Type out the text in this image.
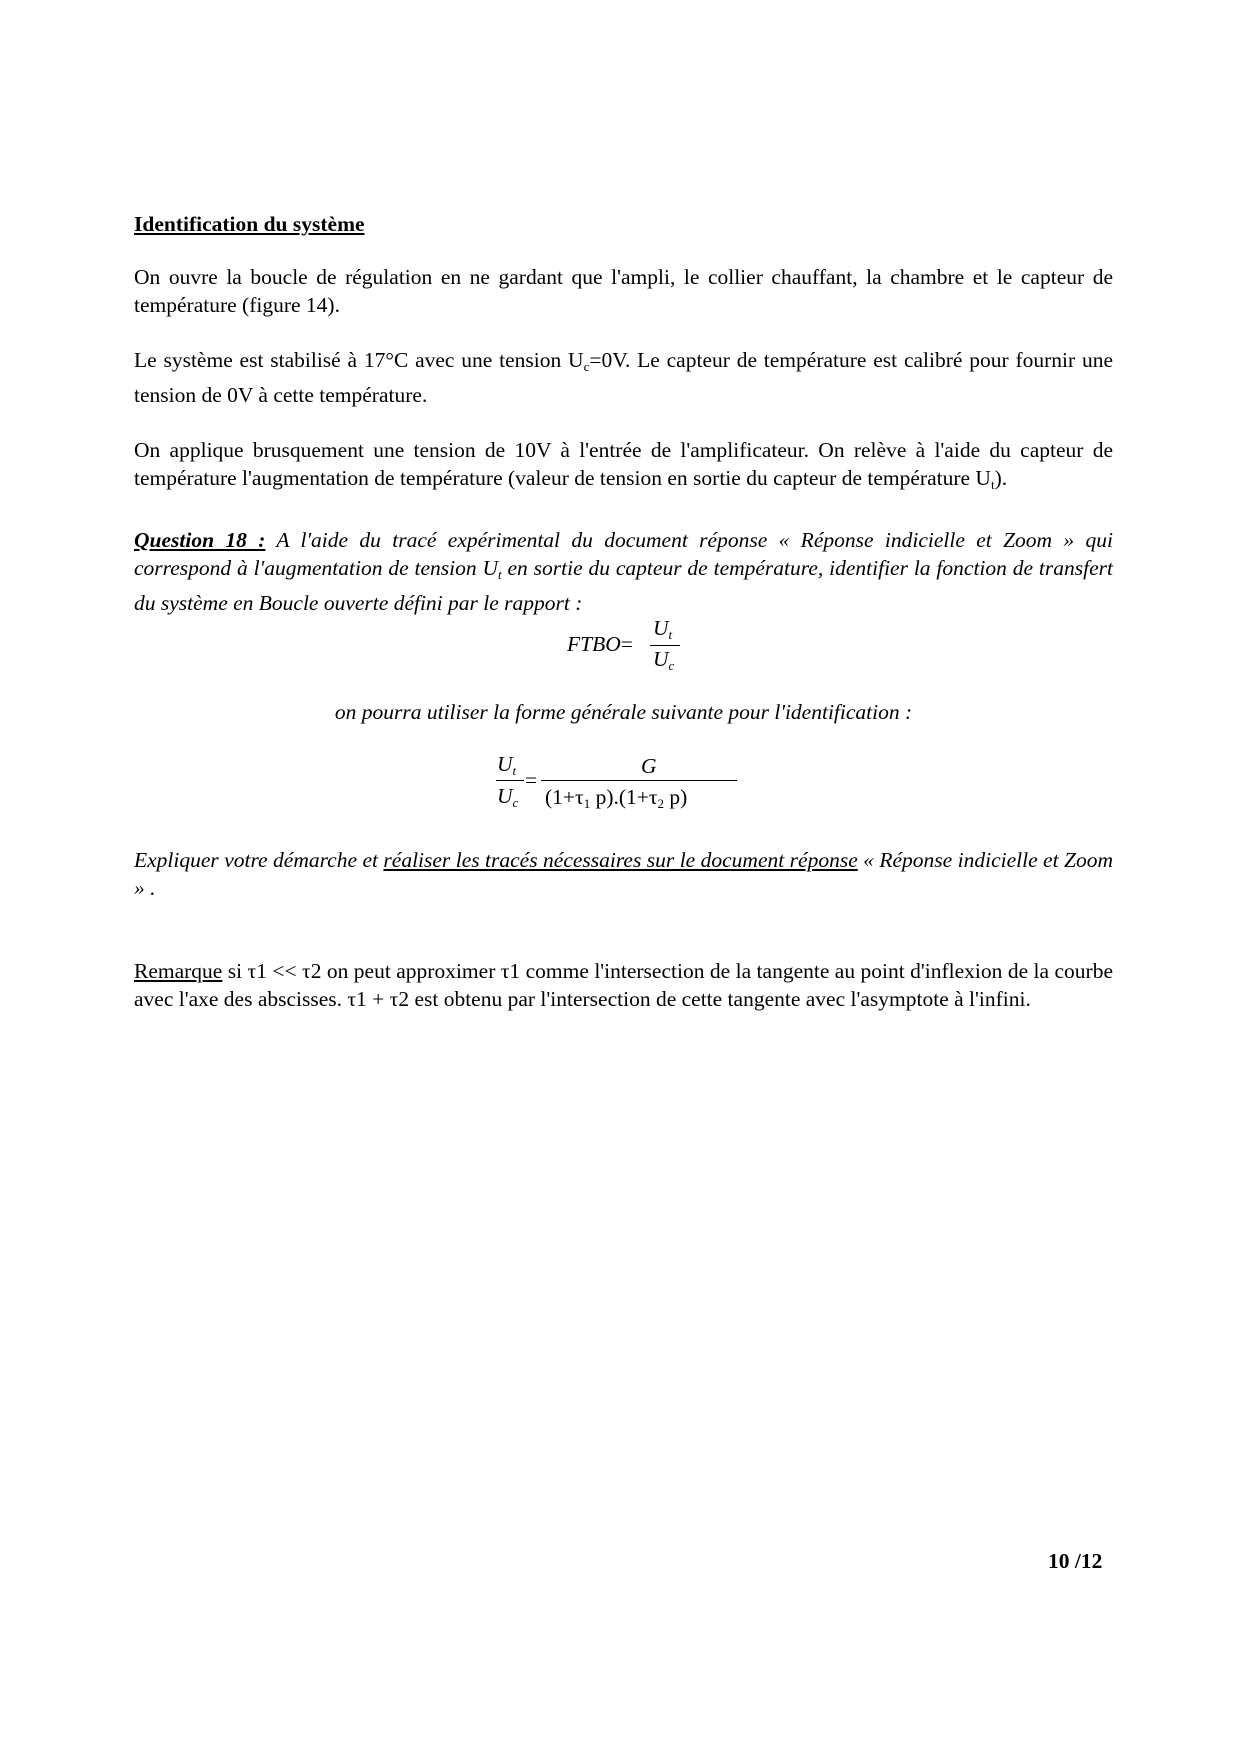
Identification du système

On ouvre la boucle de régulation en ne gardant que l'ampli, le collier chauffant, la chambre et le capteur de température (figure 14).

Le système est stabilisé à 17°C avec une tension $U_c=0V$. Le capteur de température est calibré pour fournir une tension de 0V à cette température.

On applique brusquement une tension de 10V à l'entrée de l'amplificateur. On relève à l'aide du capteur de température l'augmentation de température (valeur de tension en sortie du capteur de température $U_t$).

Question 18 : A l'aide du tracé expérimental du document réponse « Réponse indicielle et Zoom » qui correspond à l'augmentation de tension $U_t$ en sortie du capteur de température, identifier la fonction de transfert du système en Boucle ouverte défini par le rapport :

FTBO=
$U_t$
$U_c$

on pourra utiliser la forme générale suivante pour l'identification :

$U_t$
$U_c$
=
G
($1+\tau_1$ $p).(1+\tau_2$ p)

Expliquer votre démarche et réaliser les tracés nécessaires sur le document réponse « Réponse indicielle et Zoom » .

Remarque si τ1 << τ2 on peut approximer τ1 comme l'intersection de la tangente au point d'inflexion de la courbe avec l'axe des abscisses. τ1 + τ2 est obtenu par l'intersection de cette tangente avec l'asymptote à l'infini.

10 /12
